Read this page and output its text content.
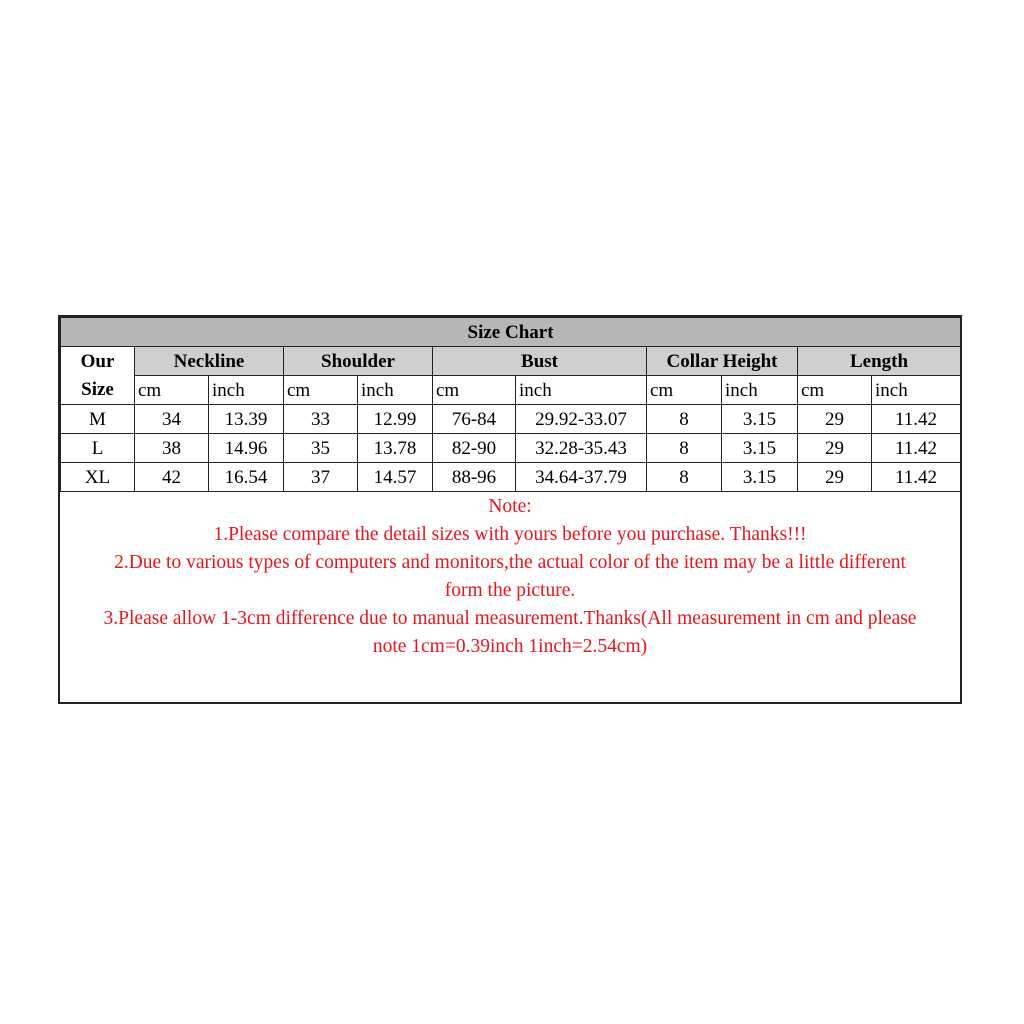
Size Chart										

Our
Size	Neckline		Shoulder		Bust		Collar Height		Length	
	cm	inch	cm	inch	cm	inch	cm	inch	cm	inch
M	34	13.39	33	12.99	76-84	29.92-33.07	8	3.15	29	11.42
L	38	14.96	35	13.78	82-90	32.28-35.43	8	3.15	29	11.42
XL	42	16.54	37	14.57	88-96	34.64-37.79	8	3.15	29	11.42
Note:
1.Please compare the detail sizes with yours before you purchase. Thanks!!!
2.Due to various types of computers and monitors,the actual color of the item may be a little different
form the picture.
3.Please allow 1-3cm difference due to manual measurement.Thanks(All measurement in cm and please
note 1cm=0.39inch 1inch=2.54cm)
